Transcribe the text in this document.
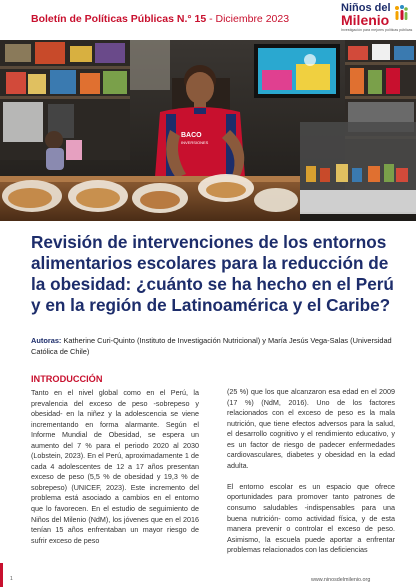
Boletín de Políticas Públicas N.° 15 - Diciembre 2023
Niños del
Milenio
Investigación para mejores políticas públicas
BACO
INVERSIONES
Revisión de intervenciones de los entornos alimentarios escolares para la reducción de la obesidad: ¿cuánto se ha hecho en el Perú y en la región de Latinoamérica y el Caribe?
Autoras: Katherine Curi-Quinto (Instituto de Investigación Nutricional) y María Jesús Vega-Salas (Universidad Católica de Chile)
INTRODUCCIÓN

Tanto en el nivel global como en el Perú, la prevalencia del exceso de peso -sobrepeso y obesidad- en la niñez y la adolescencia se viene incrementando en forma alarmante. Según el Informe Mundial de Obesidad, se espera un aumento del 7 % para el periodo 2020 al 2030 (Lobstein, 2023). En el Perú, aproximadamente 1 de cada 4 adolescentes de 12 a 17 años presentan exceso de peso (5,5 % de obesidad y 19,3 % de sobrepeso) (UNICEF, 2023). Este incremento del problema está asociado a cambios en el entorno que lo favorecen. En el estudio de seguimiento de Niños del Milenio (NdM), los jóvenes que en el 2016 tenían 15 años enfrentaban un mayor riesgo de sufrir exceso de peso

(25 %) que los que alcanzaron esa edad en el 2009 (17 %) (NdM, 2016). Uno de los factores relacionados con el exceso de peso es la mala nutrición, que tiene efectos adversos para la salud, el desarrollo cognitivo y el rendimiento educativo, y es un factor de riesgo de padecer enfermedades cardiovasculares, diabetes y obesidad en la edad adulta.

El entorno escolar es un espacio que ofrece oportunidades para promover tanto patrones de consumo saludables -indispensables para una buena nutrición- como actividad física, y de esta manera prevenir o controlar el exceso de peso. Asimismo, la escuela puede aportar a enfrentar problemas relacionados con las deficiencias

1	www.ninosdelmilenio.org
